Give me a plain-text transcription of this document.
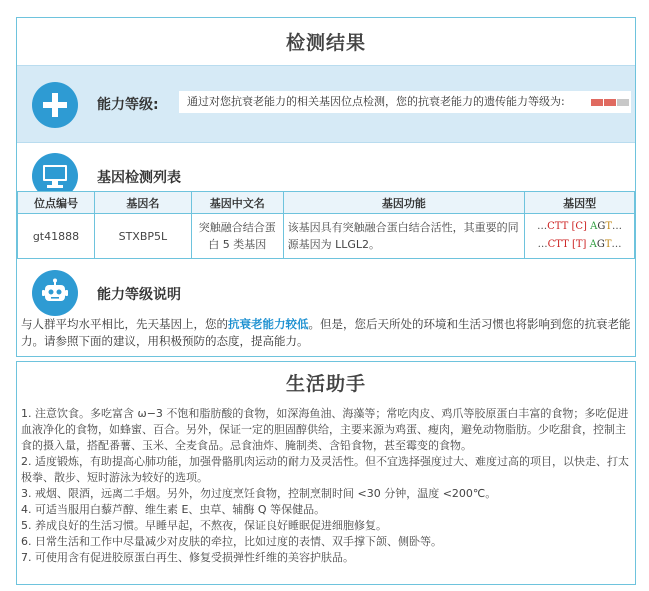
检测结果
能力等级:	通过对您抗衰老能力的相关基因位点检测，您的抗衰老能力的遗传能力等级为:
基因检测列表
位点编号	基因名	基因中文名	基因功能	基因型
gt41888	STXBP5L	突触融合结合蛋白 5 类基因	该基因具有突触融合蛋白结合活性，其重要的同源基因为 LLGL2。	…CTT [C] AGT…
…CTT [T] AGT…
能力等级说明
与人群平均水平相比，先天基因上，您的抗衰老能力较低。但是，您后天所处的环境和生活习惯也将影响到您的抗衰老能力。请参照下面的建议，用积极预防的态度，提高能力。
生活助手
1. 注意饮食。多吃富含 ω−3 不饱和脂肪酸的食物，如深海鱼油、海藻等；常吃肉皮、鸡爪等胶原蛋白丰富的食物；多吃促进血液净化的食物，如蜂蜜、百合。另外，保证一定的胆固醇供给，主要来源为鸡蛋、瘦肉，避免动物脂肪。少吃甜食，控制主食的摄入量，搭配番薯、玉米、全麦食品。忌食油炸、腌制类、含铅食物，甚至霉变的食物。
2. 适度锻炼，有助提高心肺功能，加强骨骼肌肉运动的耐力及灵活性。但不宜选择强度过大、难度过高的项目，以快走、打太极拳、散步、短时游泳为较好的选项。
3. 戒烟、限酒，远离二手烟。另外，勿过度烹饪食物，控制烹制时间 <30 分钟，温度 <200℃。
4. 可适当服用白藜芦醇、维生素 E、虫草、辅酶 Q 等保健品。
5. 养成良好的生活习惯。早睡早起，不熬夜，保证良好睡眠促进细胞修复。
6. 日常生活和工作中尽量减少对皮肤的牵拉，比如过度的表情、双手撑下颌、侧卧等。
7. 可使用含有促进胶原蛋白再生、修复受损弹性纤维的美容护肤品。
